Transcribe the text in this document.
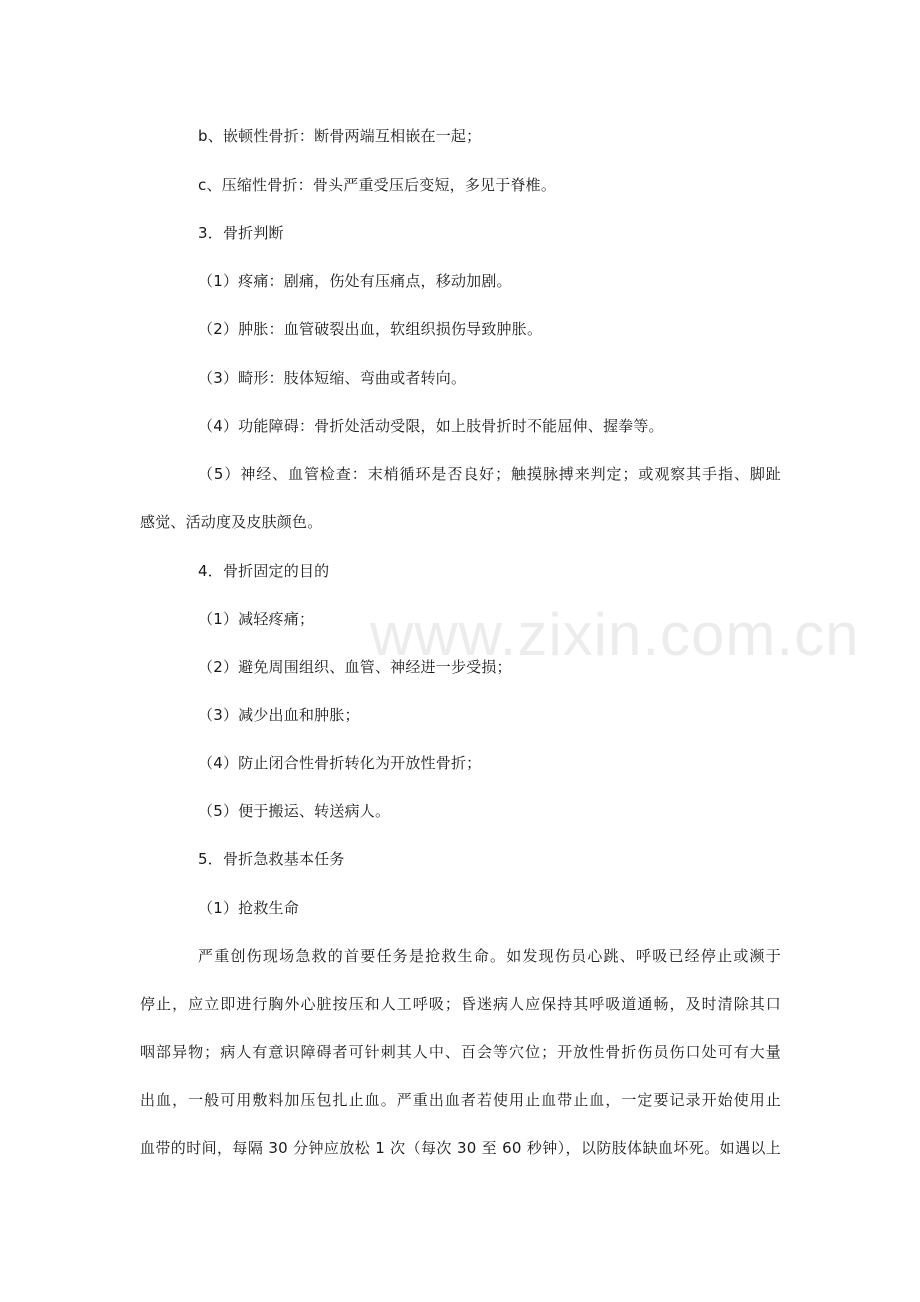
b、嵌顿性骨折：断骨两端互相嵌在一起；
c、压缩性骨折：骨头严重受压后变短，多见于脊椎。
3．骨折判断
（1）疼痛：剧痛，伤处有压痛点，移动加剧。
（2）肿胀：血管破裂出血，软组织损伤导致肿胀。
（3）畸形：肢体短缩、弯曲或者转向。
（4）功能障碍：骨折处活动受限，如上肢骨折时不能屈伸、握拳等。
（5）神经、血管检查：末梢循环是否良好；触摸脉搏来判定；或观察其手指、脚趾
感觉、活动度及皮肤颜色。
4．骨折固定的目的
（1）减轻疼痛；
（2）避免周围组织、血管、神经进一步受损；
（3）减少出血和肿胀；
（4）防止闭合性骨折转化为开放性骨折；
（5）便于搬运、转送病人。
5．骨折急救基本任务
（1）抢救生命
严重创伤现场急救的首要任务是抢救生命。如发现伤员心跳、呼吸已经停止或濒于
停止，应立即进行胸外心脏按压和人工呼吸；昏迷病人应保持其呼吸道通畅，及时清除其口
咽部异物；病人有意识障碍者可针刺其人中、百会等穴位；开放性骨折伤员伤口处可有大量
出血，一般可用敷料加压包扎止血。严重出血者若使用止血带止血，一定要记录开始使用止
血带的时间，每隔 30 分钟应放松 1 次（每次 30 至 60 秒钟），以防肢体缺血坏死。如遇以上
www.zixin.com.cn
